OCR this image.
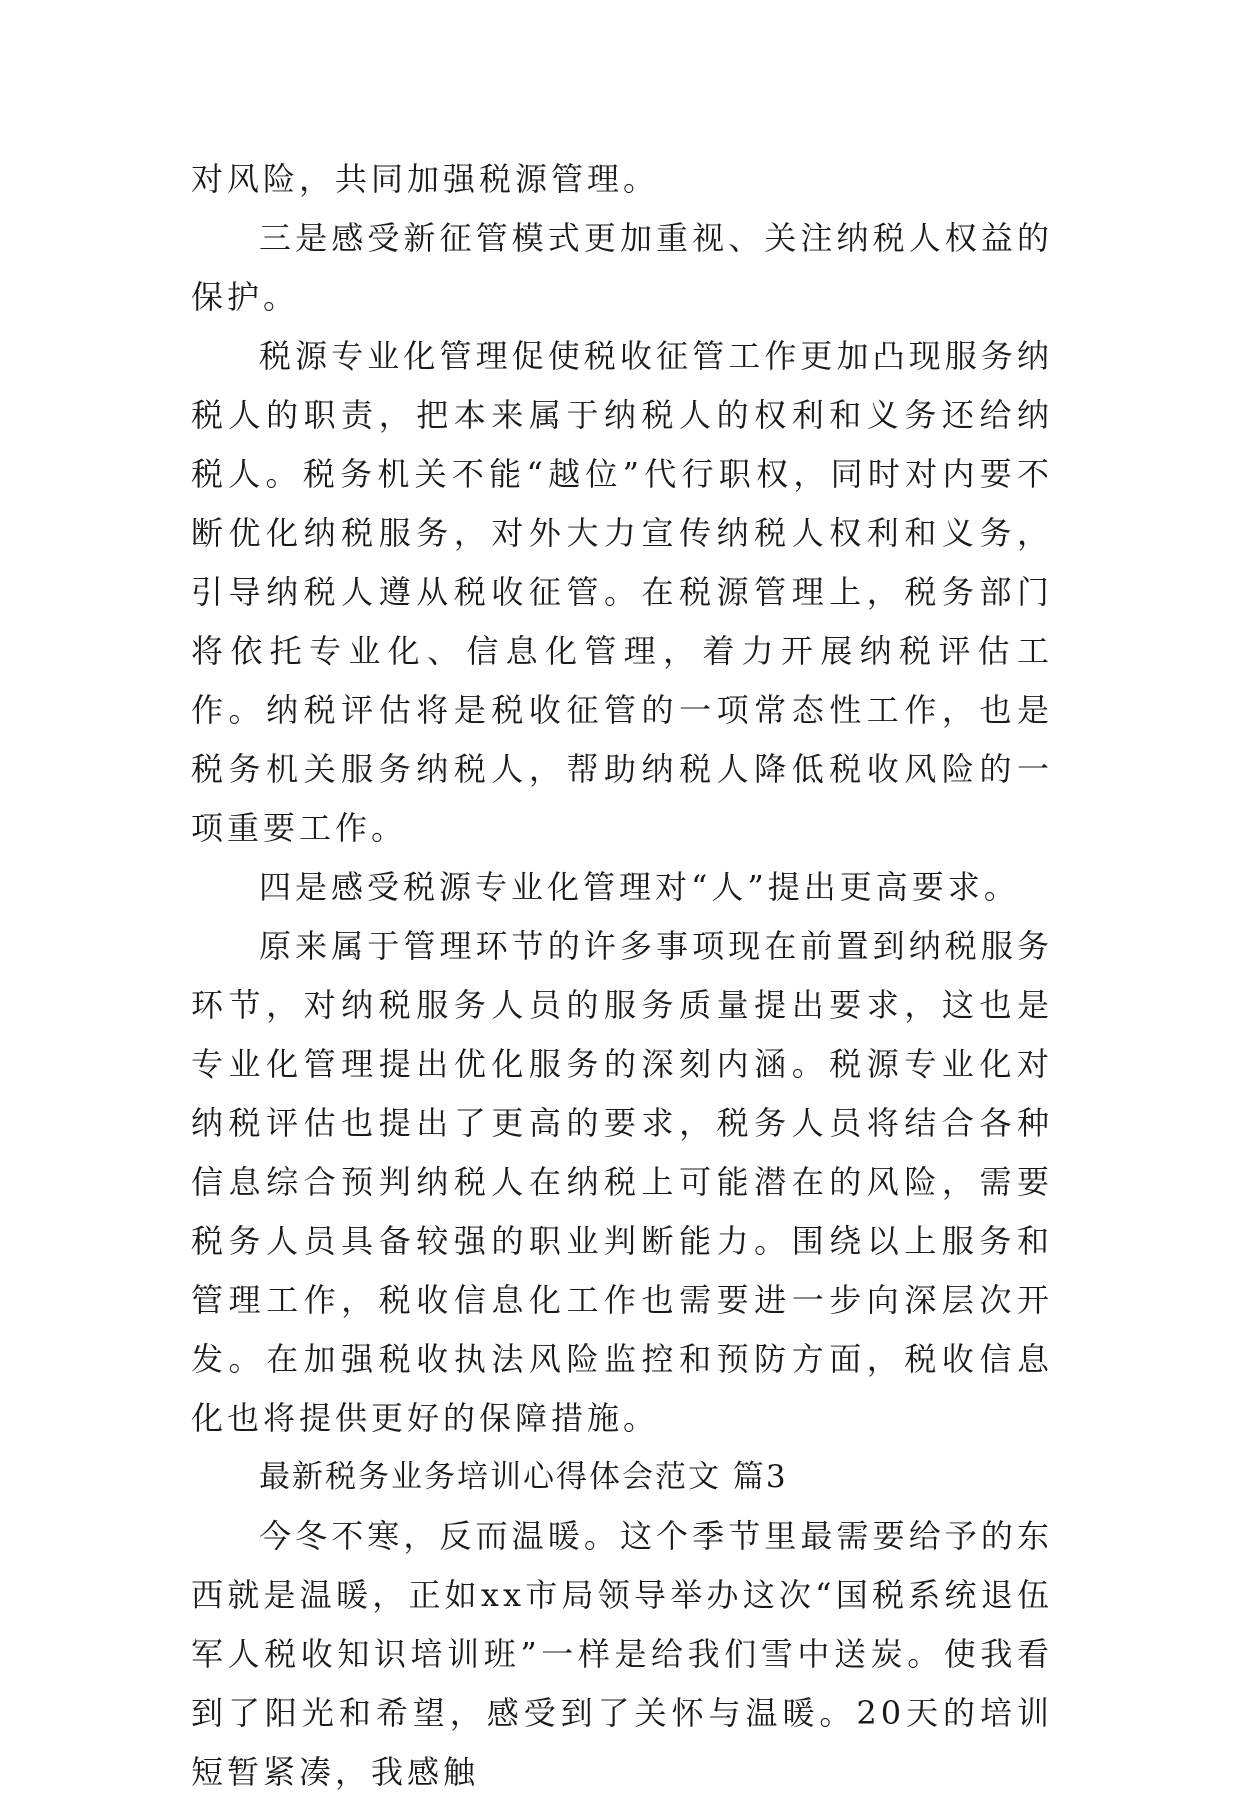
对风险，共同加强税源管理。

三是感受新征管模式更加重视、关注纳税人权益的保护。

税源专业化管理促使税收征管工作更加凸现服务纳税人的职责，把本来属于纳税人的权利和义务还给纳税人。税务机关不能“越位”代行职权，同时对内要不断优化纳税服务，对外大力宣传纳税人权利和义务，引导纳税人遵从税收征管。在税源管理上，税务部门将依托专业化、信息化管理，着力开展纳税评估工作。纳税评估将是税收征管的一项常态性工作，也是税务机关服务纳税人，帮助纳税人降低税收风险的一项重要工作。

四是感受税源专业化管理对“人”提出更高要求。

原来属于管理环节的许多事项现在前置到纳税服务环节，对纳税服务人员的服务质量提出要求，这也是专业化管理提出优化服务的深刻内涵。税源专业化对纳税评估也提出了更高的要求，税务人员将结合各种信息综合预判纳税人在纳税上可能潜在的风险，需要税务人员具备较强的职业判断能力。围绕以上服务和管理工作，税收信息化工作也需要进一步向深层次开发。在加强税收执法风险监控和预防方面，税收信息化也将提供更好的保障措施。

最新税务业务培训心得体会范文 篇3

今冬不寒，反而温暖。这个季节里最需要给予的东西就是温暖，正如xx市局领导举办这次“国税系统退伍军人税收知识培训班”一样是给我们雪中送炭。使我看到了阳光和希望，感受到了关怀与温暖。20天的培训短暂紧凑，我感触
